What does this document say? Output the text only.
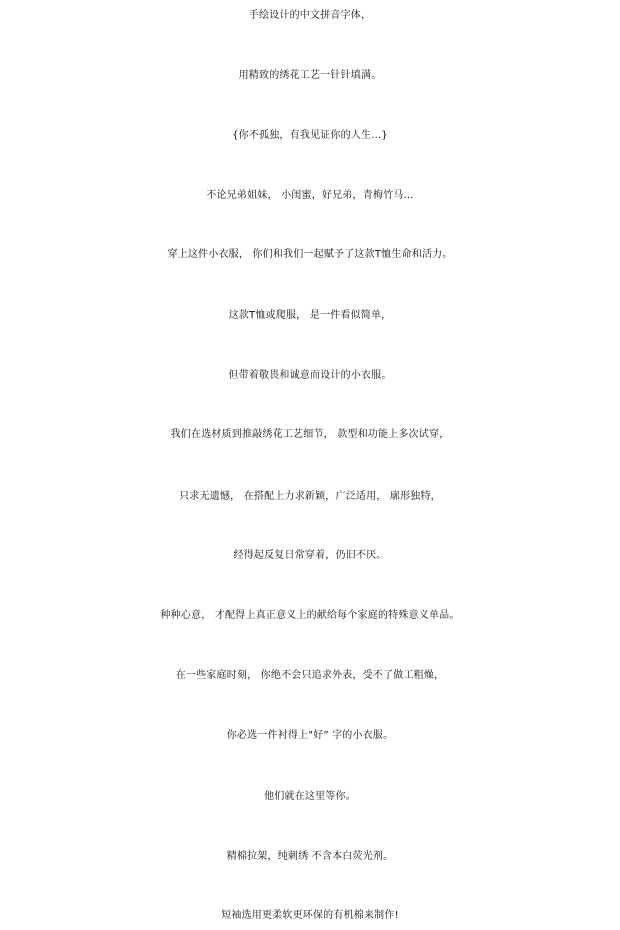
手绘设计的中文拼音字体，
用精致的绣花工艺一针针填满。
{你不孤独，有我见证你的人生...}
不论兄弟姐妹， 小闺蜜，好兄弟，青梅竹马...
穿上这件小衣服， 你们和我们一起赋予了这款T恤生命和活力。
这款T恤或爬服， 是一件看似简单，
但带着敬畏和诚意而设计的小衣服。
我们在选材质到推敲绣花工艺细节， 款型和功能上多次试穿，
只求无遗憾， 在搭配上力求新颖，广泛适用， 廓形独特，
经得起反复日常穿着，仍旧不厌。
种种心意， 才配得上真正意义上的献给每个家庭的特殊意义单品。
在一些家庭时刻， 你绝不会只追求外表，受不了做工粗燥，
你必选一件衬得上"好” 字的小衣服。
他们就在这里等你。
精棉拉架，纯刺绣 不含本白荧光剂。
短袖选用更柔软更环保的有机棉来制作!
